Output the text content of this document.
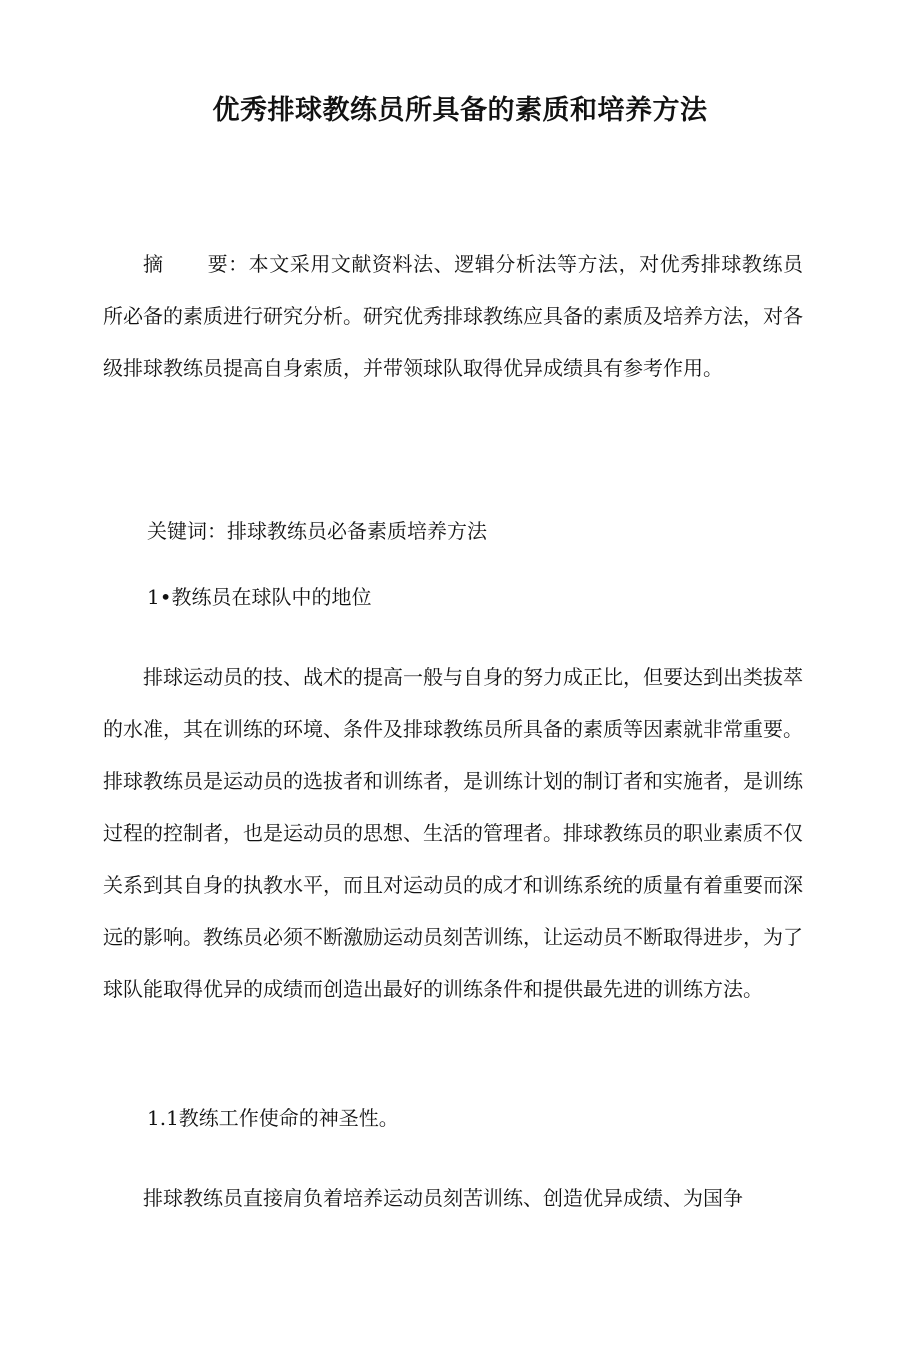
优秀排球教练员所具备的素质和培养方法

摘 要：本文采用文献资料法、逻辑分析法等方法，对优秀排球教练员所必备的素质进行研究分析。研究优秀排球教练应具备的素质及培养方法，对各级排球教练员提高自身索质，并带领球队取得优异成绩具有参考作用。

关键词：排球教练员必备素质培养方法

1•教练员在球队中的地位

排球运动员的技、战术的提高一般与自身的努力成正比，但要达到出类拔萃的水准，其在训练的环境、条件及排球教练员所具备的素质等因素就非常重要。排球教练员是运动员的选拔者和训练者，是训练计划的制订者和实施者，是训练过程的控制者，也是运动员的思想、生活的管理者。排球教练员的职业素质不仅关系到其自身的执教水平，而且对运动员的成才和训练系统的质量有着重要而深远的影响。教练员必须不断激励运动员刻苦训练，让运动员不断取得进步，为了球队能取得优异的成绩而创造出最好的训练条件和提供最先进的训练方法。

1.1教练工作使命的神圣性。

排球教练员直接肩负着培养运动员刻苦训练、创造优异成绩、为国争
